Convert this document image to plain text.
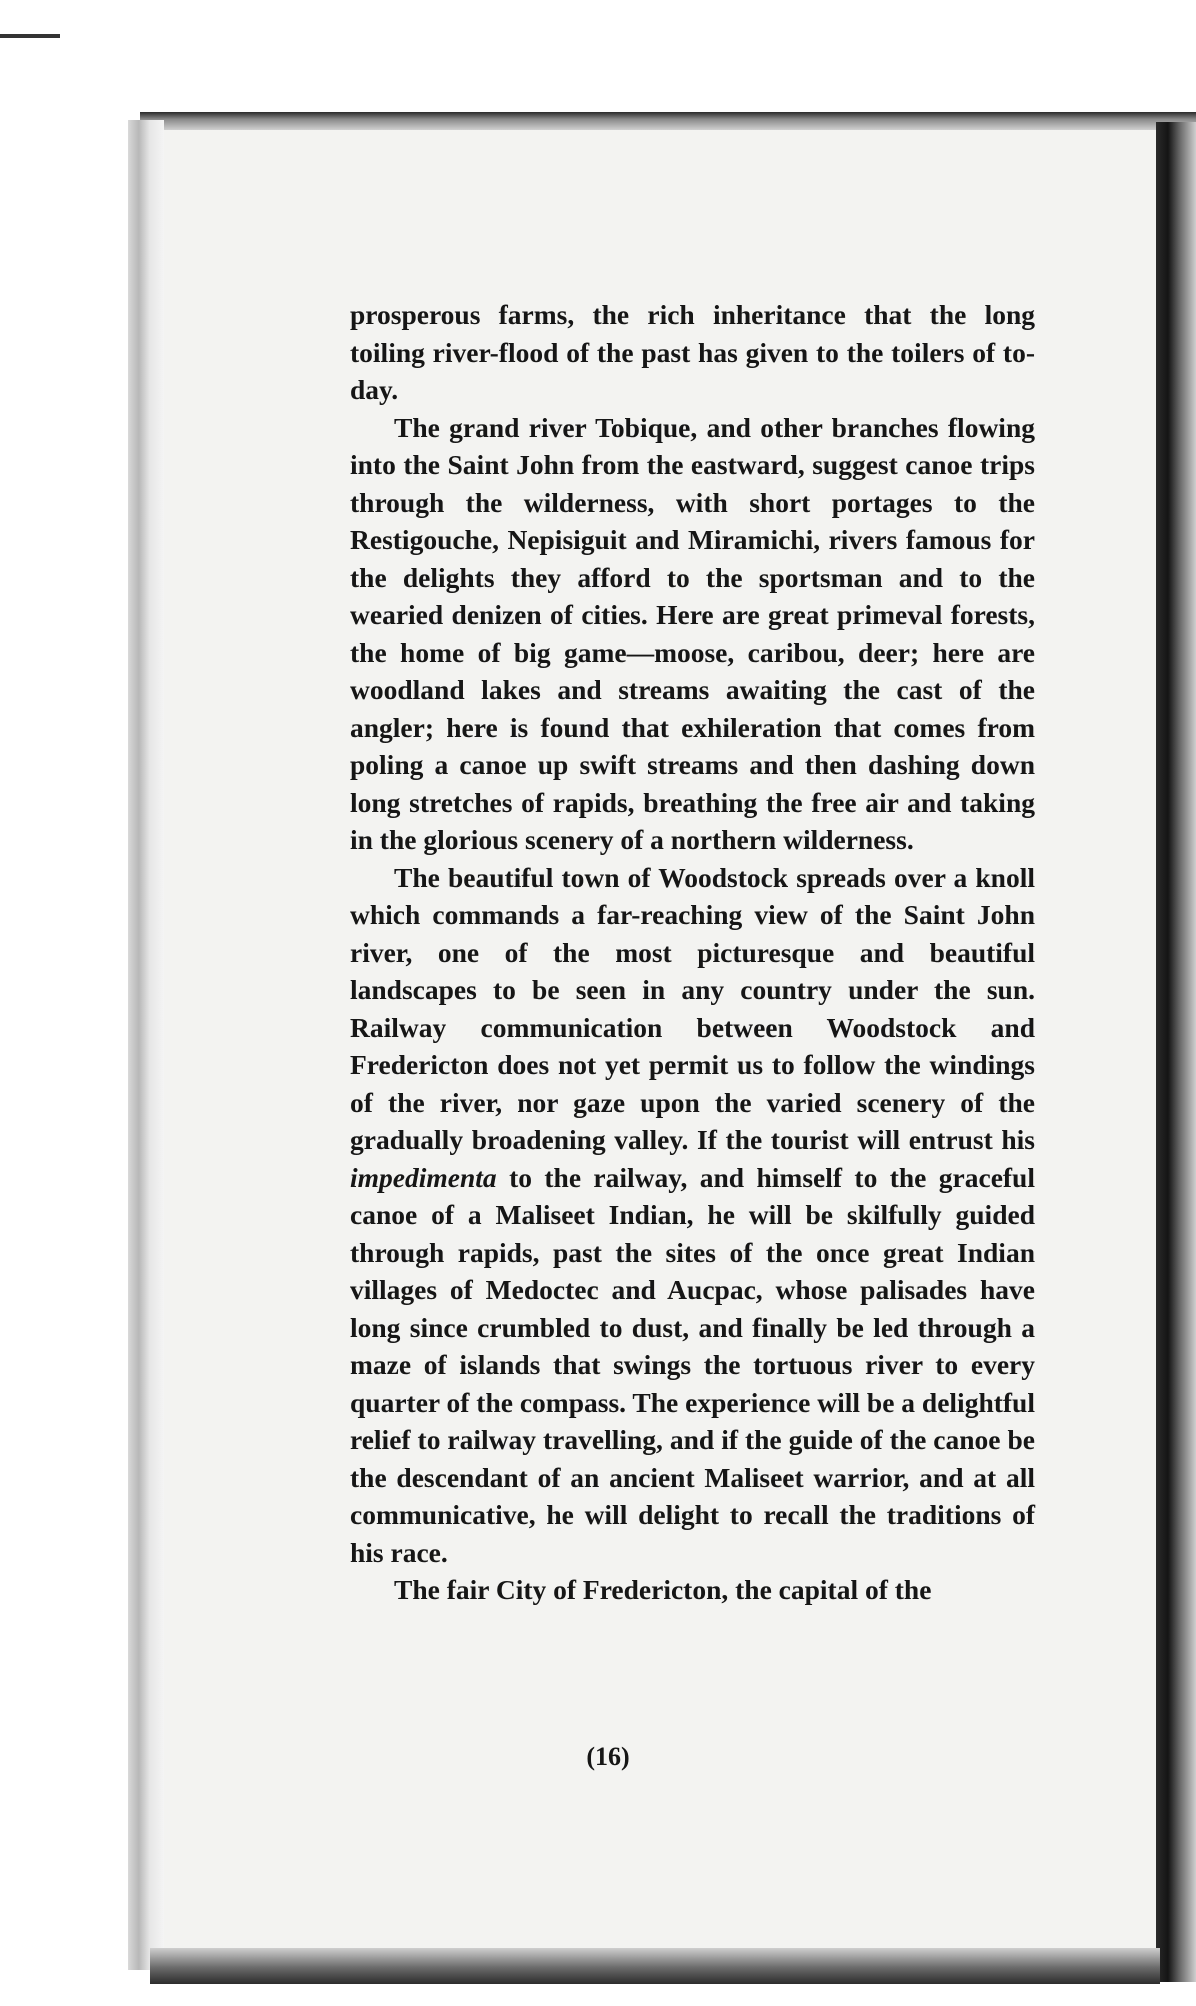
prosperous farms, the rich inheritance that the long toiling river-flood of the past has given to the toilers of to-day.

The grand river Tobique, and other branches flowing into the Saint John from the eastward, suggest canoe trips through the wilderness, with short portages to the Restigouche, Nepisiguit and Miramichi, rivers famous for the delights they afford to the sportsman and to the wearied denizen of cities. Here are great primeval forests, the home of big game—moose, caribou, deer; here are woodland lakes and streams awaiting the cast of the angler; here is found that exhileration that comes from poling a canoe up swift streams and then dashing down long stretches of rapids, breathing the free air and taking in the glorious scenery of a northern wilderness.

The beautiful town of Woodstock spreads over a knoll which commands a far-reaching view of the Saint John river, one of the most picturesque and beautiful landscapes to be seen in any country under the sun. Railway communication between Woodstock and Fredericton does not yet permit us to follow the windings of the river, nor gaze upon the varied scenery of the gradually broadening valley. If the tourist will entrust his impedimenta to the railway, and himself to the graceful canoe of a Maliseet Indian, he will be skilfully guided through rapids, past the sites of the once great Indian villages of Medoctec and Aucpac, whose palisades have long since crumbled to dust, and finally be led through a maze of islands that swings the tortuous river to every quarter of the compass. The experience will be a delightful relief to railway travelling, and if the guide of the canoe be the descendant of an ancient Maliseet warrior, and at all communicative, he will delight to recall the traditions of his race.

The fair City of Fredericton, the capital of the

(16)
